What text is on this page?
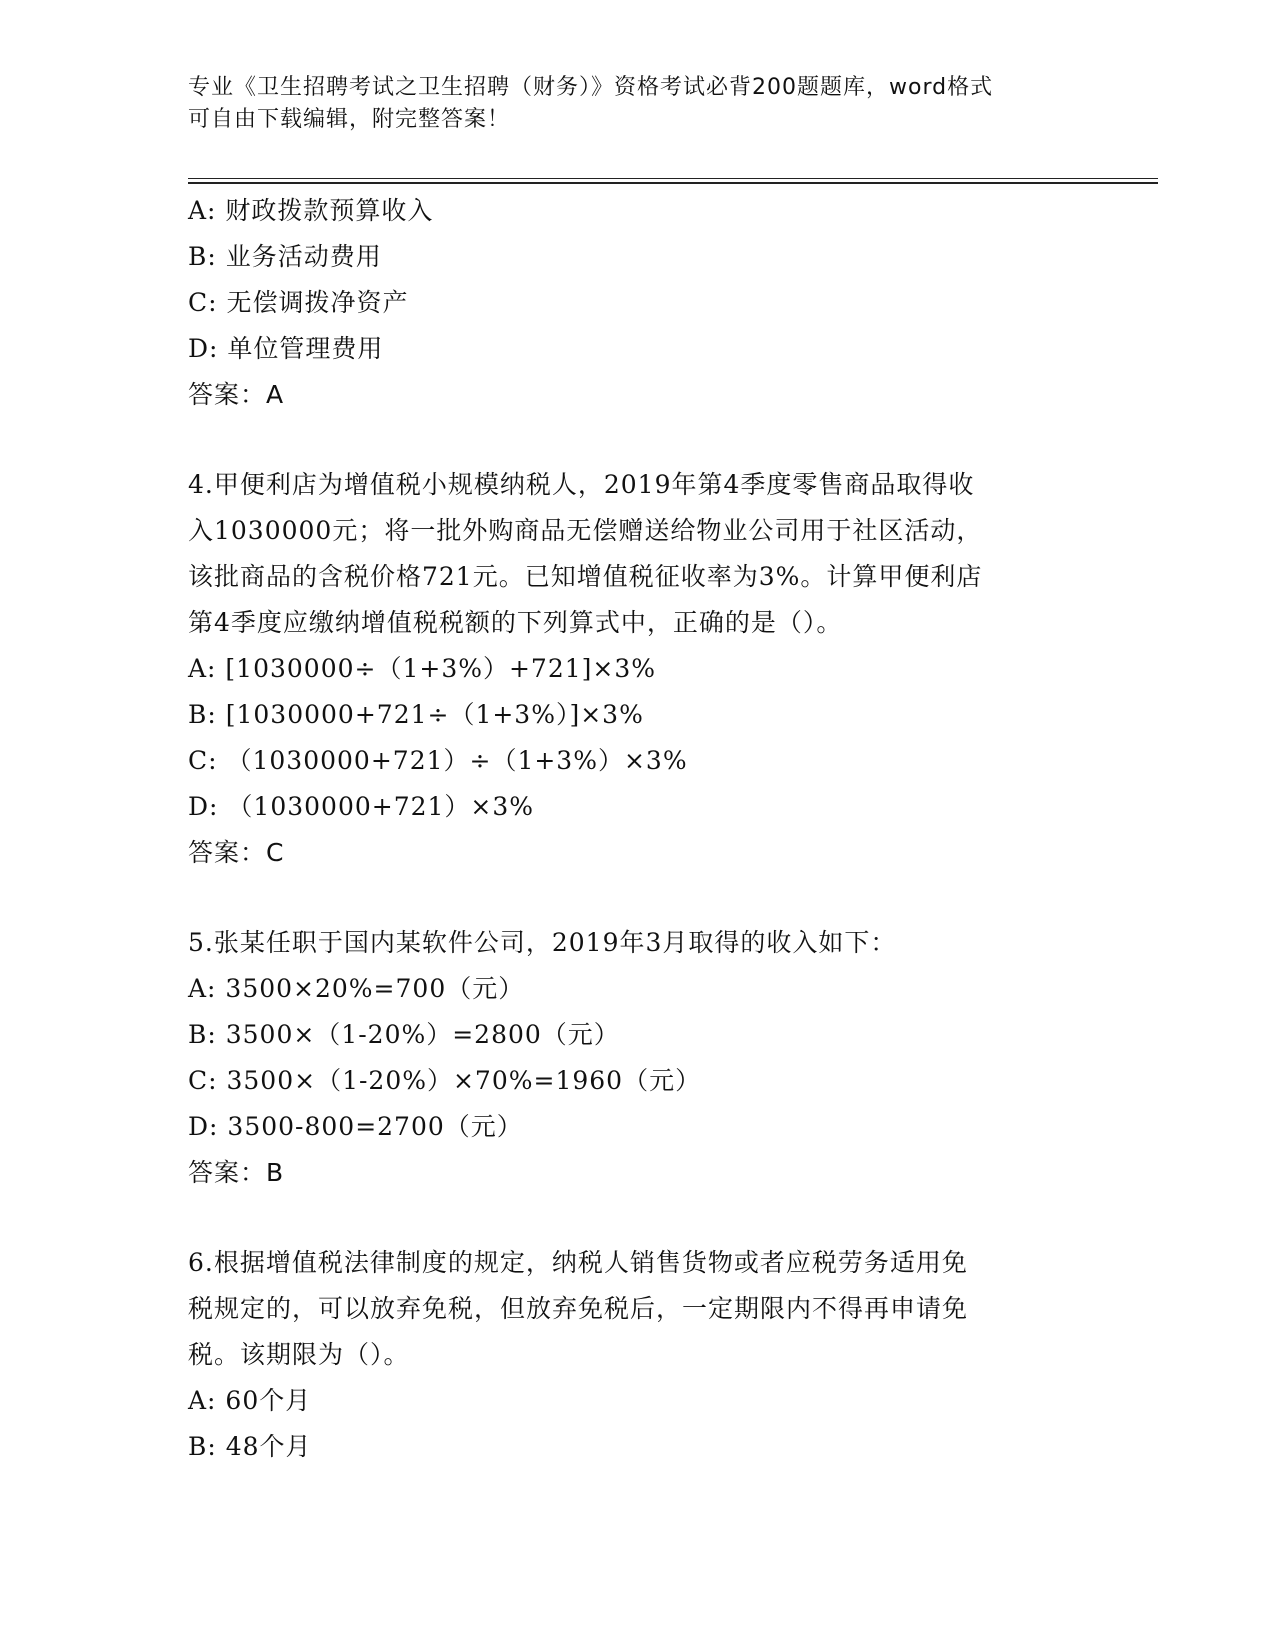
专业《卫生招聘考试之卫生招聘（财务）》资格考试必背200题题库，word格式
可自由下载编辑，附完整答案！
A: 财政拨款预算收入
B: 业务活动费用
C: 无偿调拨净资产
D: 单位管理费用
答案：A
4.甲便利店为增值税小规模纳税人，2019年第4季度零售商品取得收
入1030000元；将一批外购商品无偿赠送给物业公司用于社区活动，
该批商品的含税价格721元。已知增值税征收率为3%。计算甲便利店
第4季度应缴纳增值税税额的下列算式中，正确的是（）。
A: [1030000÷（1+3%）+721]×3%
B: [1030000+721÷（1+3%）]×3%
C: （1030000+721）÷（1+3%）×3%
D: （1030000+721）×3%
答案：C
5.张某任职于国内某软件公司，2019年3月取得的收入如下：
A: 3500×20%=700（元）
B: 3500×（1-20%）=2800（元）
C: 3500×（1-20%）×70%=1960（元）
D: 3500-800=2700（元）
答案：B
6.根据增值税法律制度的规定，纳税人销售货物或者应税劳务适用免
税规定的，可以放弃免税，但放弃免税后，一定期限内不得再申请免
税。该期限为（）。
A: 60个月
B: 48个月
